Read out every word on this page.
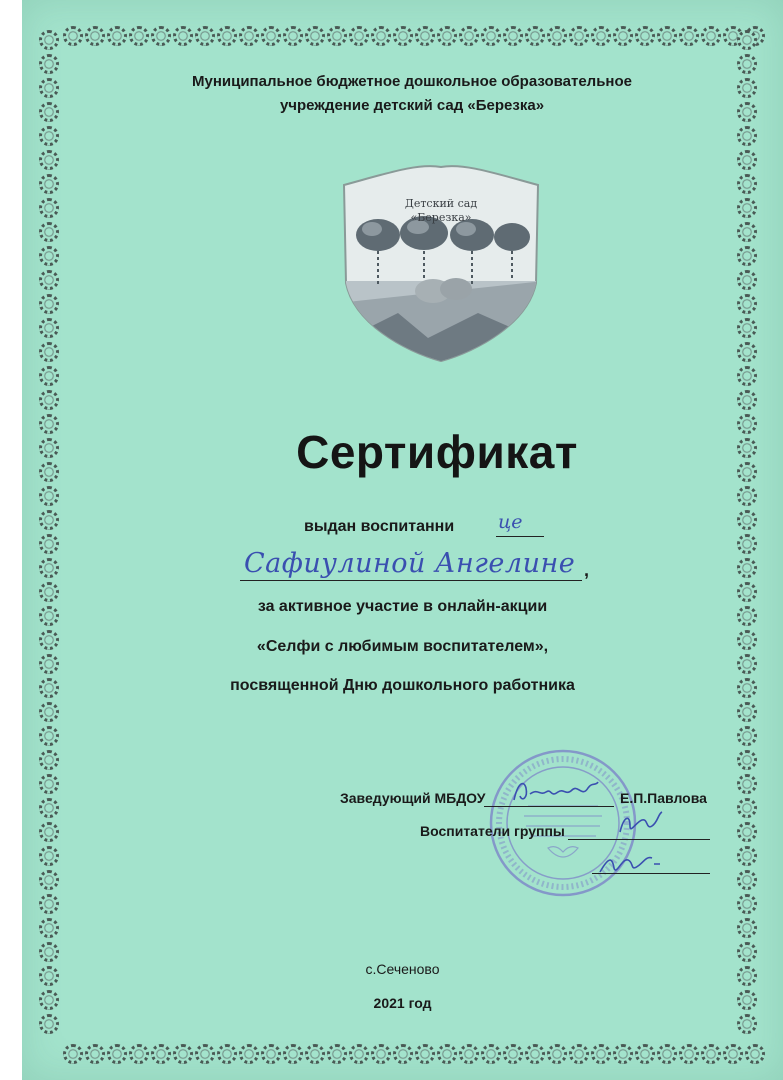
Муниципальное бюджетное дошкольное образовательное
учреждение детский сад «Березка»
Детский сад
«Березка»
Сертификат
выдан воспитанни це
Сафиулиной Ангелине ,
за активное участие в онлайн-акции
«Селфи с любимым воспитателем»,
посвященной Дню дошкольного работника
Заведующий МБДОУ	Е.П.Павлова
Воспитатели группы
с.Сеченово
2021 год
